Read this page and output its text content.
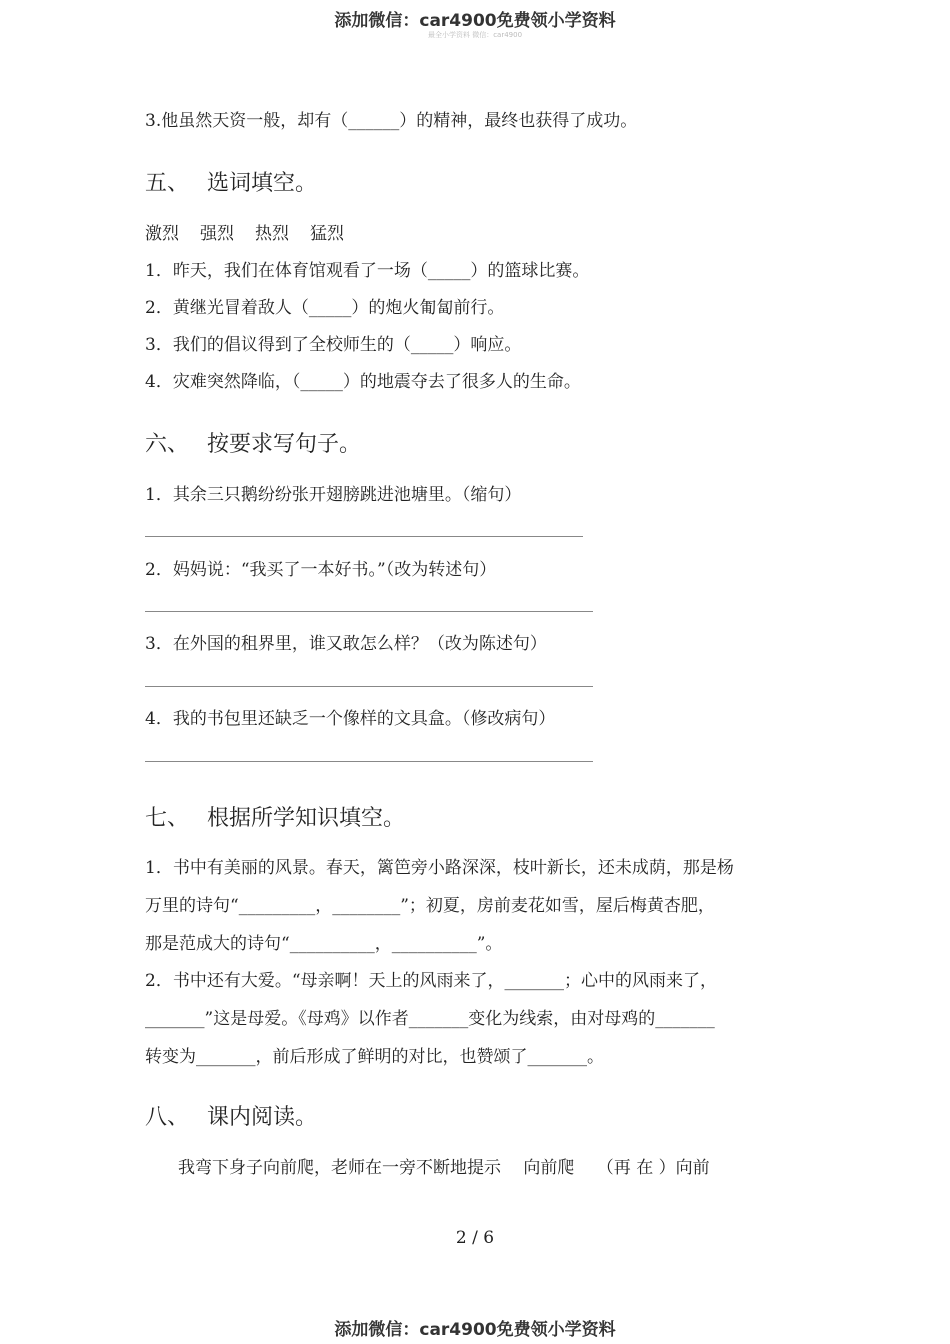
添加微信：car4900免费领小学资料
最全小学资料 微信：car4900
3.他虽然天资一般，却有（______）的精神，最终也获得了成功。
五、 选词填空。
激烈 强烈 热烈 猛烈
1．昨天，我们在体育馆观看了一场（_____）的篮球比赛。
2．黄继光冒着敌人（_____）的炮火匍匐前行。
3．我们的倡议得到了全校师生的（_____）响应。
4．灾难突然降临，（_____）的地震夺去了很多人的生命。
六、 按要求写句子。
1．其余三只鹅纷纷张开翅膀跳进池塘里。（缩句）
2．妈妈说：“我买了一本好书。”（改为转述句）
3．在外国的租界里，谁又敢怎么样？（改为陈述句）
4．我的书包里还缺乏一个像样的文具盒。（修改病句）
七、 根据所学知识填空。
1．书中有美丽的风景。春天，篱笆旁小路深深，枝叶新长，还未成荫，那是杨
万里的诗句“_________，________”；初夏，房前麦花如雪，屋后梅黄杏肥，
那是范成大的诗句“__________，__________”。
2．书中还有大爱。“母亲啊！天上的风雨来了，_______；心中的风雨来了，
_______”这是母爱。《母鸡》以作者_______变化为线索，由对母鸡的_______
转变为_______，前后形成了鲜明的对比，也赞颂了_______。
八、 课内阅读。
我弯下身子向前爬，老师在一旁不断地提示　 向前爬　 （再 在 ）向前
2 / 6
添加微信：car4900免费领小学资料
